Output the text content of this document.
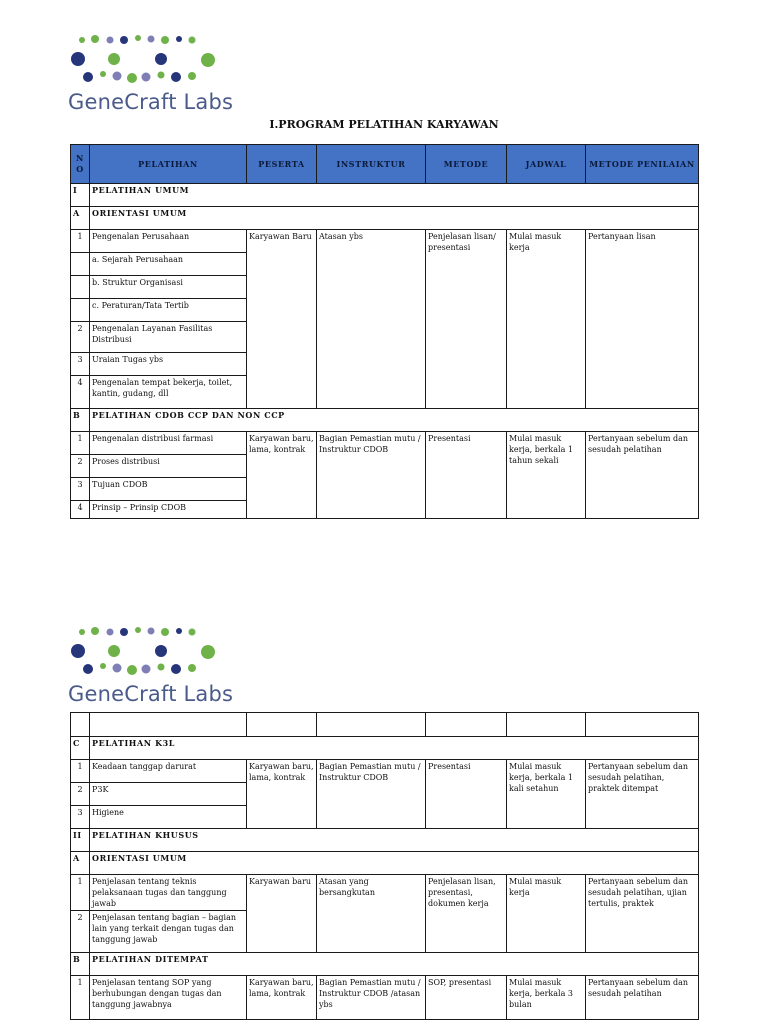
GeneCraft Labs
I.PROGRAM PELATIHAN KARYAWAN
N O	PELATIHAN	PESERTA	INSTRUKTUR	METODE	JADWAL	METODE PENILAIAN
I	PELATIHAN UMUM					
A	ORIENTASI UMUM					
1	Pengenalan Perusahaan	Karyawan Baru	Atasan ybs	Penjelasan lisan/ presentasi	Mulai masuk kerja	Pertanyaan lisan
	a. Sejarah Perusahaan					
	b. Struktur Organisasi					
	c. Peraturan/Tata Tertib					
2	Pengenalan Layanan Fasilitas Distribusi					
3	Uraian Tugas ybs					
4	Pengenalan tempat bekerja, toilet, kantin, gudang, dll					
B	PELATIHAN CDOB CCP DAN NON CCP					
1	Pengenalan distribusi farmasi	Karyawan baru, lama, kontrak	Bagian Pemastian mutu / Instruktur CDOB	Presentasi	Mulai masuk kerja, berkala 1 tahun sekali	Pertanyaan sebelum dan sesudah pelatihan
2	Proses distribusi					
3	Tujuan CDOB					
4	Prinsip – Prinsip CDOB					
GeneCraft Labs

C	PELATIHAN K3L					
1	Keadaan tanggap darurat	Karyawan baru, lama, kontrak	Bagian Pemastian mutu / Instruktur CDOB	Presentasi	Mulai masuk kerja, berkala 1 kali setahun	Pertanyaan sebelum dan sesudah pelatihan, praktek ditempat
2	P3K					
3	Higiene					
II	PELATIHAN KHUSUS					
A	ORIENTASI UMUM					
1	Penjelasan tentang teknis pelaksanaan tugas dan tanggung jawab	Karyawan baru	Atasan yang bersangkutan	Penjelasan lisan, presentasi, dokumen kerja	Mulai masuk kerja	Pertanyaan sebelum dan sesudah pelatihan, ujian tertulis, praktek
2	Penjelasan tentang bagian – bagian lain yang terkait dengan tugas dan tanggung jawab					
B	PELATIHAN DITEMPAT					
1	Penjelasan tentang SOP yang berhubungan dengan tugas dan tanggung jawabnya	Karyawan baru, lama, kontrak	Bagian Pemastian mutu / Instruktur CDOB /atasan ybs	SOP, presentasi	Mulai masuk kerja, berkala 3 bulan	Pertanyaan sebelum dan sesudah pelatihan
